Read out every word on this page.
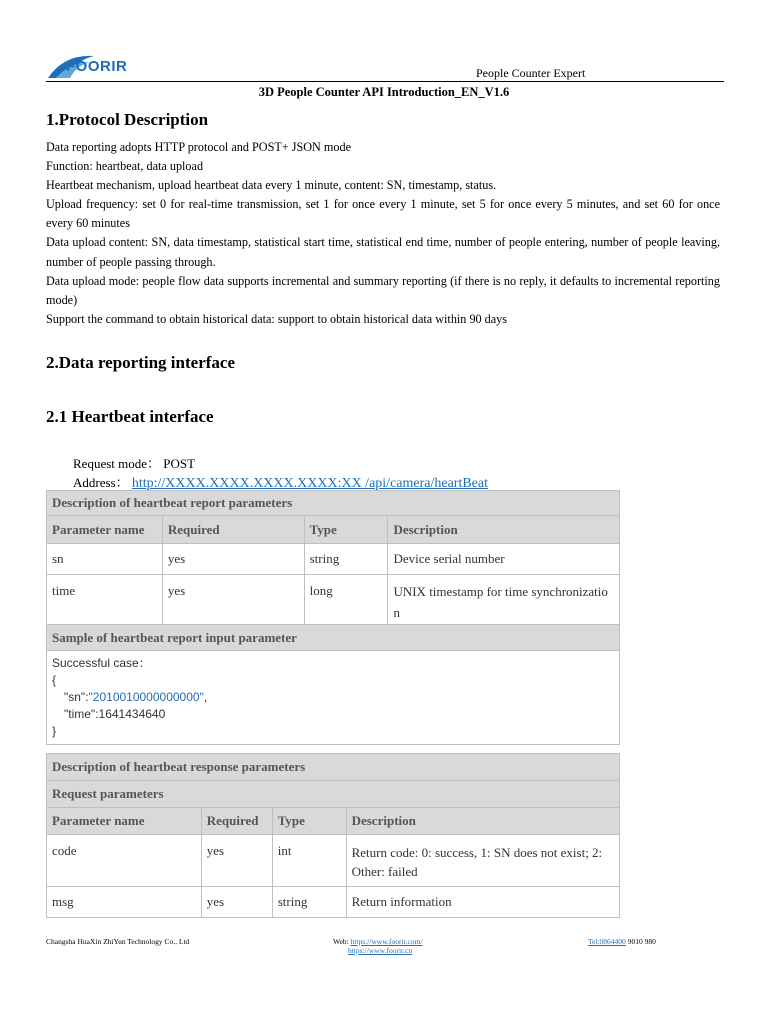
FOORIR	People Counter Expert
3D People Counter API Introduction_EN_V1.6
1.Protocol Description

Data reporting adopts HTTP protocol and POST+ JSON mode

Function: heartbeat, data upload

Heartbeat mechanism, upload heartbeat data every 1 minute, content: SN, timestamp, status.

Upload frequency: set 0 for real-time transmission, set 1 for once every 1 minute, set 5 for once every 5 minutes, and set 60 for once every 60 minutes

Data upload content: SN, data timestamp, statistical start time, statistical end time, number of people entering, number of people leaving, number of people passing through.

Data upload mode: people flow data supports incremental and summary reporting (if there is no reply, it defaults to incremental reporting mode)

Support the command to obtain historical data: support to obtain historical data within 90 days

2.Data reporting interface
2.1 Heartbeat interface
Request mode： POST
Address： http://XXXX.XXXX.XXXX.XXXX:XX /api/camera/heartBeat
Description of heartbeat report parameters			
Parameter name	Required	Type	Description
sn	yes	string	Device serial number
time	yes	long	UNIX timestamp for time synchronization
Sample of heartbeat report input parameter			

Successful case：
{
"sn":"2010010000000000",
"time":1641434640
}			
Description of heartbeat response parameters			
Request parameters			
Parameter name	Required	Type	Description
code	yes	int	Return code: 0: success, 1: SN does not exist; 2: Other: failed
msg	yes	string	Return information
Changsha HuaXin ZhiYun Technology Co., Ltd	Web: https://www.foorir.com/
https://www.foorir.cn
Tel:0864400 9010 980
